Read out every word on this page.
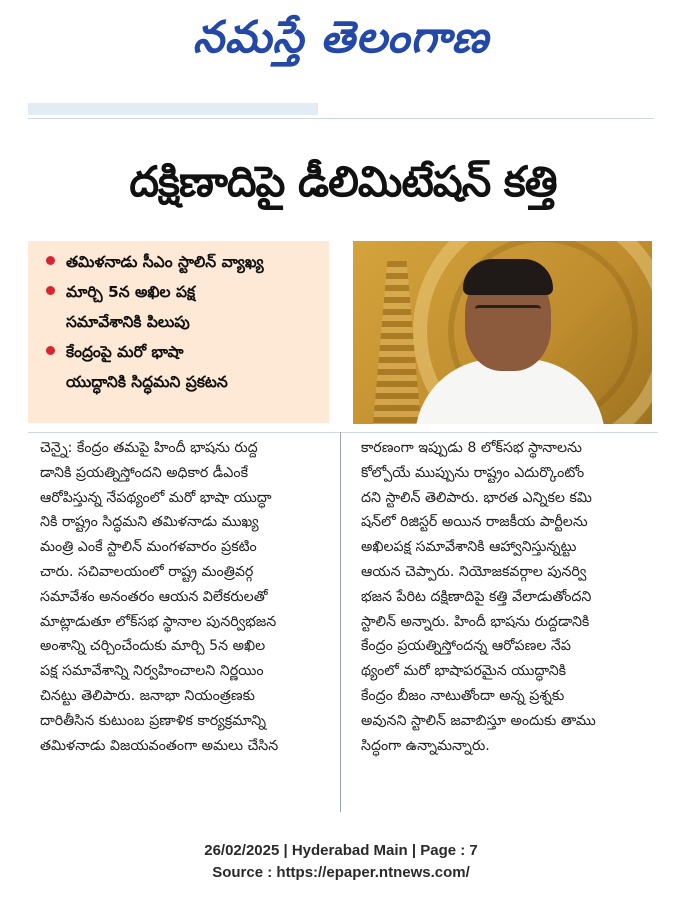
నమస్తే తెలంగాణ
దక్షిణాదిపై డీలిమిటేషన్ కత్తి
తమిళనాడు సీఎం స్టాలిన్ వ్యాఖ్య
మార్చి 5న అఖిల పక్ష
సమావేశానికి పిలుపు
కేంద్రంపై మరో భాషా
యుద్ధానికి సిద్ధమని ప్రకటన
చెన్నై: కేంద్రం తమపై హిందీ భాషను రుద్ద
డానికి ప్రయత్నిస్తోందని అధికార డీఎంకే
ఆరోపిస్తున్న నేపథ్యంలో మరో భాషా యుద్ధా
నికి రాష్ట్రం సిద్ధమని తమిళనాడు ముఖ్య
మంత్రి ఎంకే స్టాలిన్ మంగళవారం ప్రకటిం
చారు. సచివాలయంలో రాష్ట్ర మంత్రివర్గ
సమావేశం అనంతరం ఆయన విలేకరులతో
మాట్లాడుతూ లోక్‌సభ స్థానాల పునర్విభజన
అంశాన్ని చర్చించేందుకు మార్చి 5న అఖిల
పక్ష సమావేశాన్ని నిర్వహించాలని నిర్ణయిం
చినట్టు తెలిపారు. జనాభా నియంత్రణకు
దారితీసిన కుటుంబ ప్రణాళిక కార్యక్రమాన్ని
తమిళనాడు విజయవంతంగా అమలు చేసిన
కారణంగా ఇప్పుడు 8 లోక్‌సభ స్థానాలను
కోల్పోయే ముప్పును రాష్ట్రం ఎదుర్కొంటోం
దని స్టాలిన్ తెలిపారు. భారత ఎన్నికల కమి
షన్‌లో రిజిస్టర్ అయిన రాజకీయ పార్టీలను
అఖిలపక్ష సమావేశానికి ఆహ్వానిస్తున్నట్టు
ఆయన చెప్పారు. నియోజకవర్గాల పునర్వి
భజన పేరిట దక్షిణాదిపై కత్తి వేలాడుతోందని
స్టాలిన్ అన్నారు. హిందీ భాషను రుద్దడానికి
కేంద్రం ప్రయత్నిస్తోందన్న ఆరోపణల నేప
థ్యంలో మరో భాషాపరమైన యుద్ధానికి
కేంద్రం బీజం నాటుతోందా అన్న ప్రశ్నకు
అవునని స్టాలిన్ జవాబిస్తూ అందుకు తాము
సిద్ధంగా ఉన్నామన్నారు.
26/02/2025 | Hyderabad Main | Page : 7
Source : https://epaper.ntnews.com/
